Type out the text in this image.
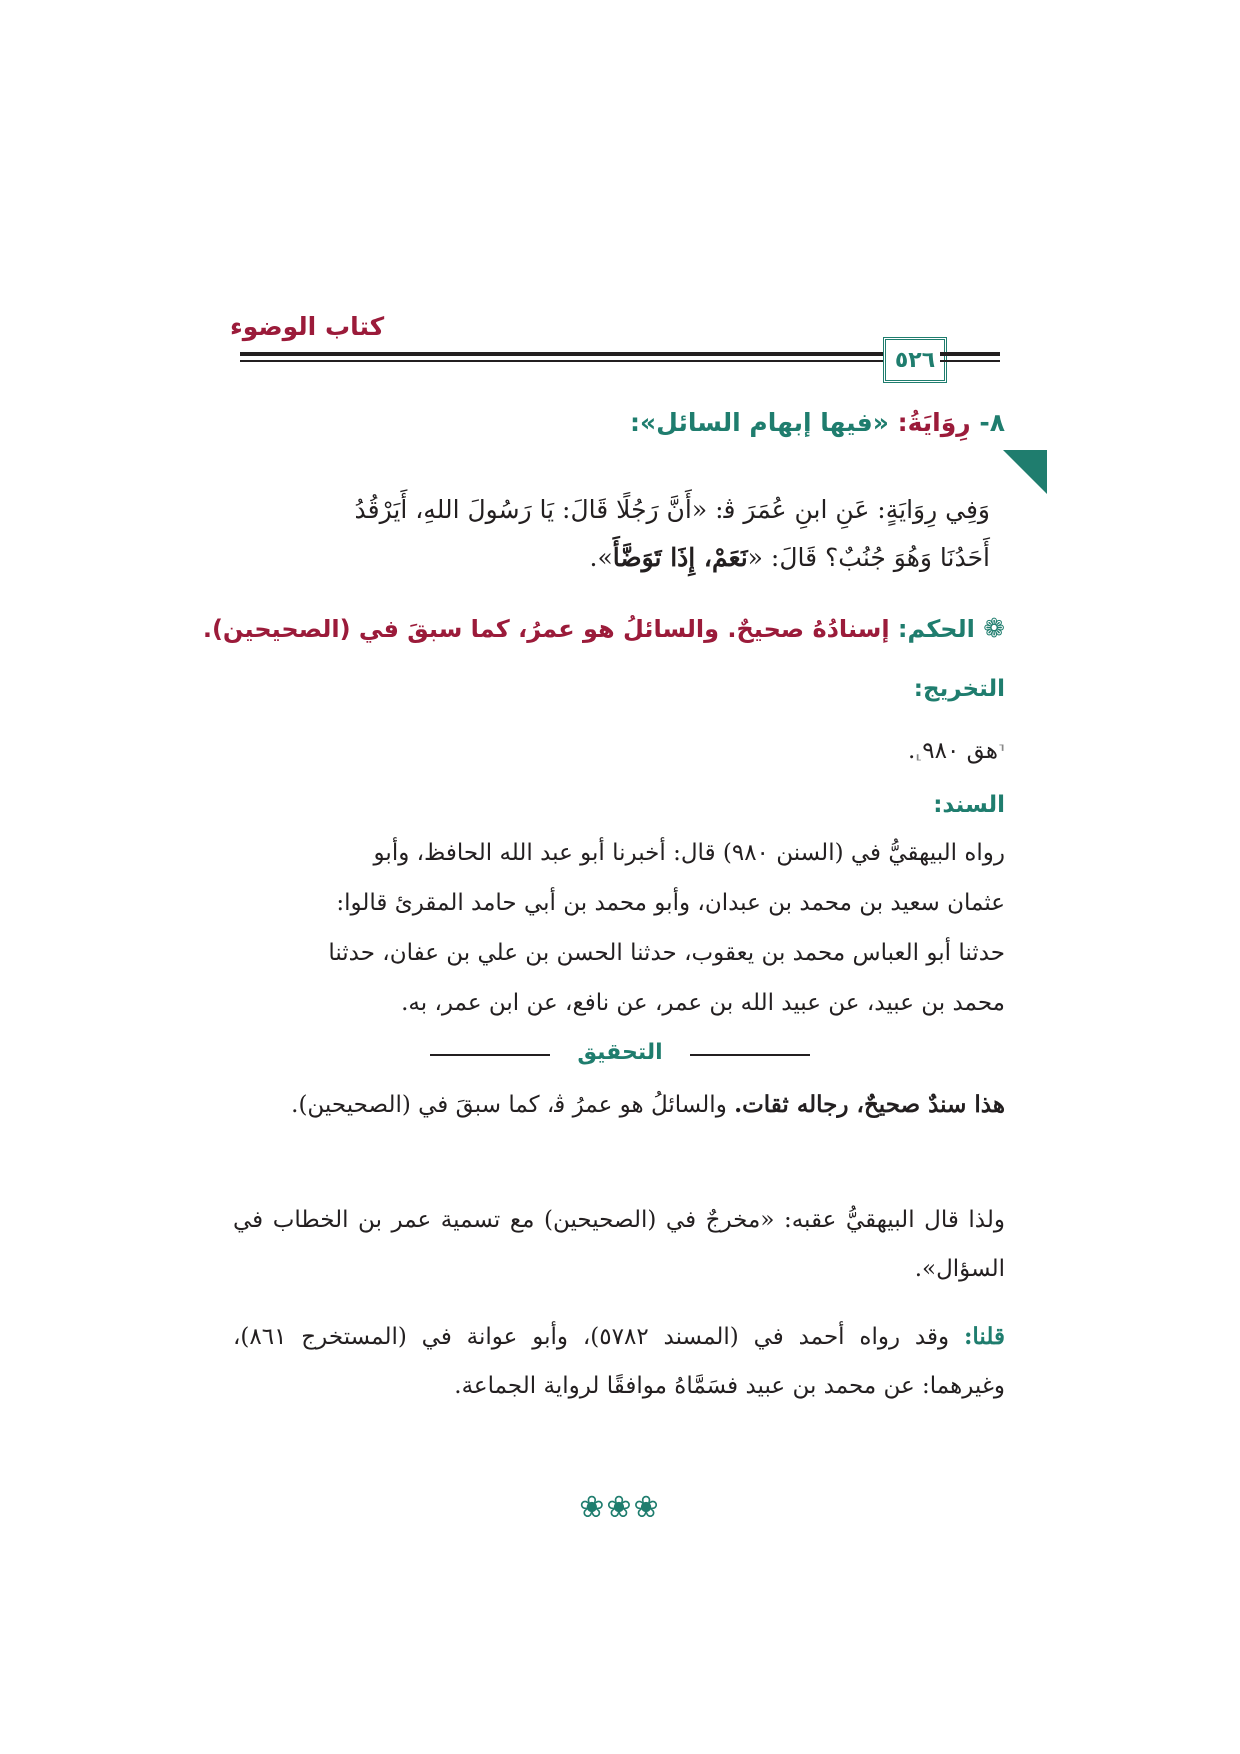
كتاب الوضوء
٥٢٦
٨- رِوَايَةُ: «فيها إبهام السائل»:
وَفِي رِوَايَةٍ: عَنِ ابنِ عُمَرَ ﭬ: «أَنَّ رَجُلًا قَالَ: يَا رَسُولَ اللهِ، أَيَرْقُدُ
أَحَدُنَا وَهُوَ جُنُبٌ؟ قَالَ: «نَعَمْ، إِذَا تَوَضَّأَ».
❁ الحكم: إسنادُهُ صحيحٌ. والسائلُ هو عمرُ، كما سبقَ في (الصحيحين).
التخريج:
⸢هق ٩٨٠⸥.
السند:
رواه البيهقيُّ في (السنن ٩٨٠) قال: أخبرنا أبو عبد الله الحافظ، وأبو
عثمان سعيد بن محمد بن عبدان، وأبو محمد بن أبي حامد المقرئ قالوا:
حدثنا أبو العباس محمد بن يعقوب، حدثنا الحسن بن علي بن عفان، حدثنا
محمد بن عبيد، عن عبيد الله بن عمر، عن نافع، عن ابن عمر، به.
التحقيق
هذا سندٌ صحيحٌ، رجاله ثقات. والسائلُ هو عمرُ ﭬ، كما سبقَ في (الصحيحين).
ولذا قال البيهقيُّ عقبه: «مخرجٌ في (الصحيحين) مع تسمية عمر بن الخطاب في السؤال».
قلنا: وقد رواه أحمد في (المسند ٥٧٨٢)، وأبو عوانة في (المستخرج ٨٦١)، وغيرهما: عن محمد بن عبيد فسَمَّاهُ موافقًا لرواية الجماعة.
❀❀❀
